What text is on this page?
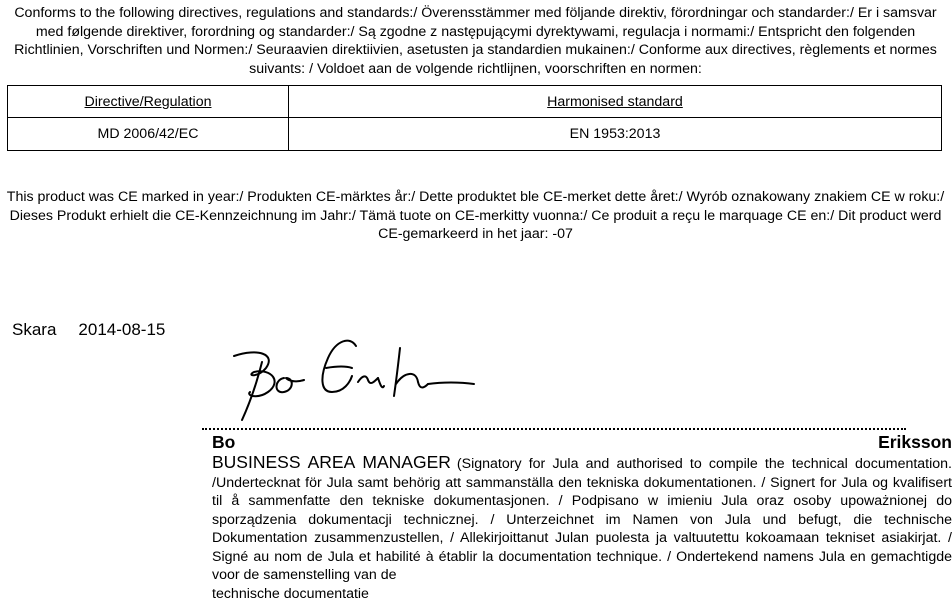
Conforms to the following directives, regulations and standards:/ Överensstämmer med följande direktiv, förordningar och standarder:/ Er i samsvar med følgende direktiver, forordning og standarder:/ Są zgodne z następującymi dyrektywami, regulacja i normami:/ Entspricht den folgenden Richtlinien, Vorschriften und Normen:/ Seuraavien direktiivien, asetusten ja standardien mukainen:/ Conforme aux directives, règlements et normes suivants: / Voldoet aan de volgende richtlijnen, voorschriften en normen:

Directive/Regulation	Harmonised standard
MD 2006/42/EC	EN 1953:2013

This product was CE marked in year:/ Produkten CE-märktes år:/ Dette produktet ble CE-merket dette året:/ Wyrób oznakowany znakiem CE w roku:/ Dieses Produkt erhielt die CE-Kennzeichnung im Jahr:/ Tämä tuote on CE-merkitty vuonna:/ Ce produit a reçu le marquage CE en:/ Dit product werd CE-gemarkeerd in het jaar: -07

Skara 2014-08-15

Bo	Eriksson

BUSINESS AREA MANAGER (Signatory for Jula and authorised to compile the technical documentation. /Undertecknat för Jula samt behörig att sammanställa den tekniska dokumentationen. / Signert for Jula og kvalifisert til å sammenfatte den tekniske dokumentasjonen. / Podpisano w imieniu Jula oraz osoby upoważnionej do sporządzenia dokumentacji technicznej. / Unterzeichnet im Namen von Jula und befugt, die technische Dokumentation zusammenzustellen, / Allekirjoittanut Julan puolesta ja valtuutettu kokoamaan tekniset asiakirjat. / Signé au nom de Jula et habilité à établir la documentation technique. / Ondertekend namens Jula en gemachtigde voor de samenstelling van de

technische documentatie
